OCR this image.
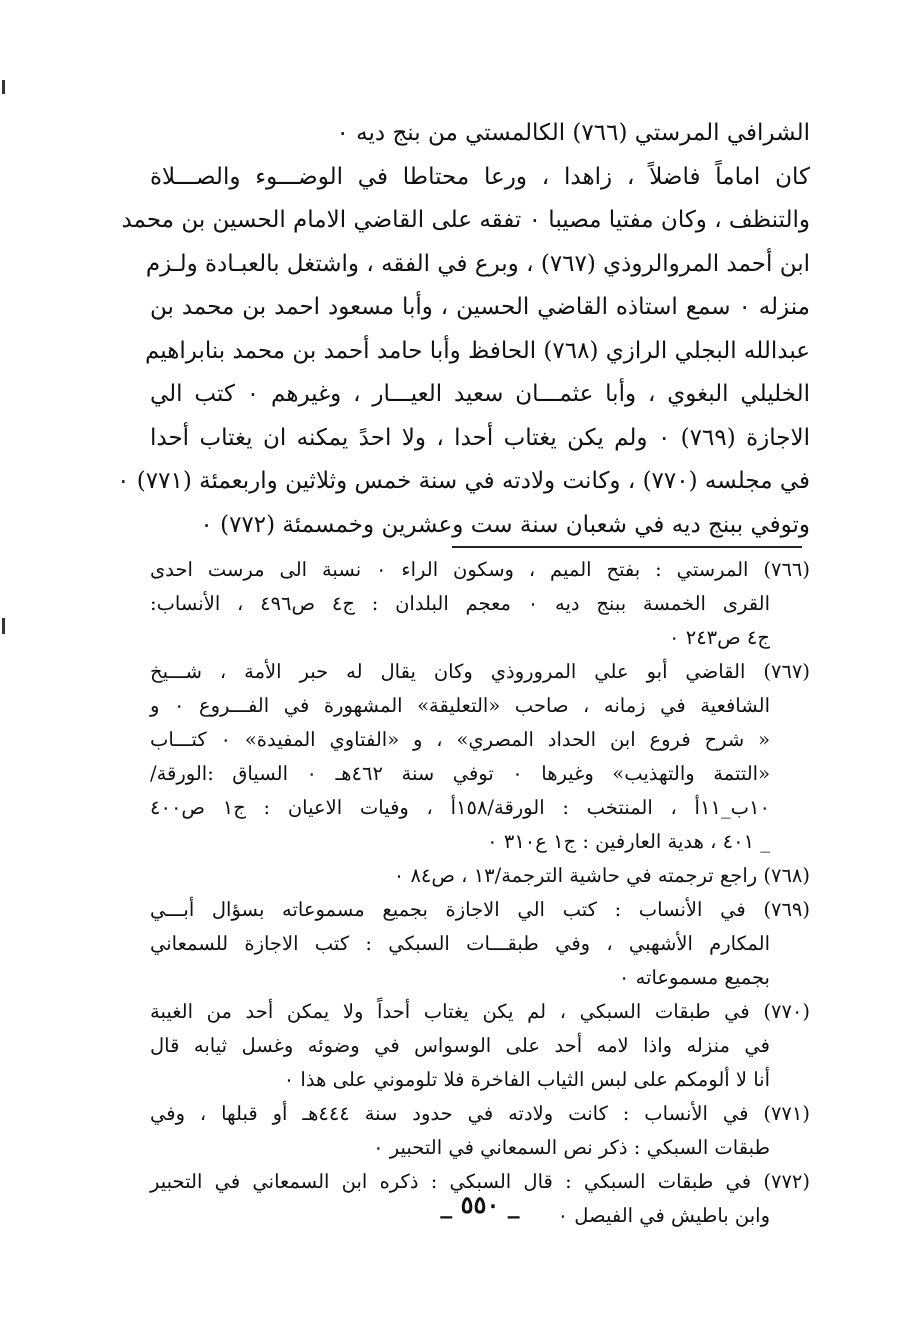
الشرافي المرستي (٧٦٦) الكالمستي من بنج ديه ٠
كان اماماً فاضلاً ، زاهدا ، ورعا محتاطا في الوضـــوء والصـــلاة
والتنظف ، وكان مفتيا مصيبا ٠ تفقه على القاضي الامام الحسين بن محمد
ابن أحمد المروالروذي (٧٦٧) ، وبرع في الفقه ، واشتغل بالعبـادة ولـزم
منزله ٠ سمع استاذه القاضي الحسين ، وأبا مسعود احمد بن محمد بن
عبدالله البجلي الرازي (٧٦٨) الحافظ وأبا حامد أحمد بن محمد بنابراهيم
الخليلي البغوي ، وأبا عثمـــان سعيد العيـــار ، وغيرهم ٠ كتب الي
الاجازة (٧٦٩) ٠ ولم يكن يغتاب أحدا ، ولا احدً يمكنه ان يغتاب أحدا
في مجلسه (٧٧٠) ، وكانت ولادته في سنة خمس وثلاثين واربعمئة (٧٧١) ٠
وتوفي ببنج ديه في شعبان سنة ست وعشرين وخمسمئة (٧٧٢) ٠
(٧٦٦) المرستي : بفتح الميم ، وسكون الراء ٠ نسبة الى مرست احدى
القرى الخمسة ببنج ديه ٠ معجم البلدان : ج٤ ص٤٩٦ ، الأنساب:
ج٤ ص٢٤٣ ٠
(٧٦٧) القاضي أبو علي المروروذي وكان يقال له حبر الأمة ، شـــيخ
الشافعية في زمانه ، صاحب «التعليقة» المشهورة في الفـــروع ٠ و
« شرح فروع ابن الحداد المصري» ، و «الفتاوي المفيدة» ٠ كتـــاب
«التتمة والتهذيب» وغيرها ٠ توفي سنة ٤٦٢هـ ٠ السياق :الورقة/
١٠ب_١١أ ، المنتخب : الورقة/١٥٨أ ، وفيات الاعيان : ج١ ص٤٠٠
_ ٤٠١ ، هدية العارفين : ج١ ع٣١٠ ٠
(٧٦٨) راجع ترجمته في حاشية الترجمة/١٣ ، ص٨٤ ٠
(٧٦٩) في الأنساب : كتب الي الاجازة بجميع مسموعاته بسؤال أبـــي
المكارم الأشهبي ، وفي طبقـــات السبكي : كتب الاجازة للسمعاني
بجميع مسموعاته ٠
(٧٧٠) في طبقات السبكي ، لم يكن يغتاب أحداً ولا يمكن أحد من الغيبة
في منزله واذا لامه أحد على الوسواس في وضوئه وغسل ثيابه قال
أنا لا ألومكم على لبس الثياب الفاخرة فلا تلوموني على هذا ٠
(٧٧١) في الأنساب : كانت ولادته في حدود سنة ٤٤٤هـ أو قبلها ، وفي
طبقات السبكي : ذكر نص السمعاني في التحبير ٠
(٧٧٢) في طبقات السبكي : قال السبكي : ذكره ابن السمعاني في التحبير
وابن باطيش في الفيصل ٠
_ ٥٥٠ _
